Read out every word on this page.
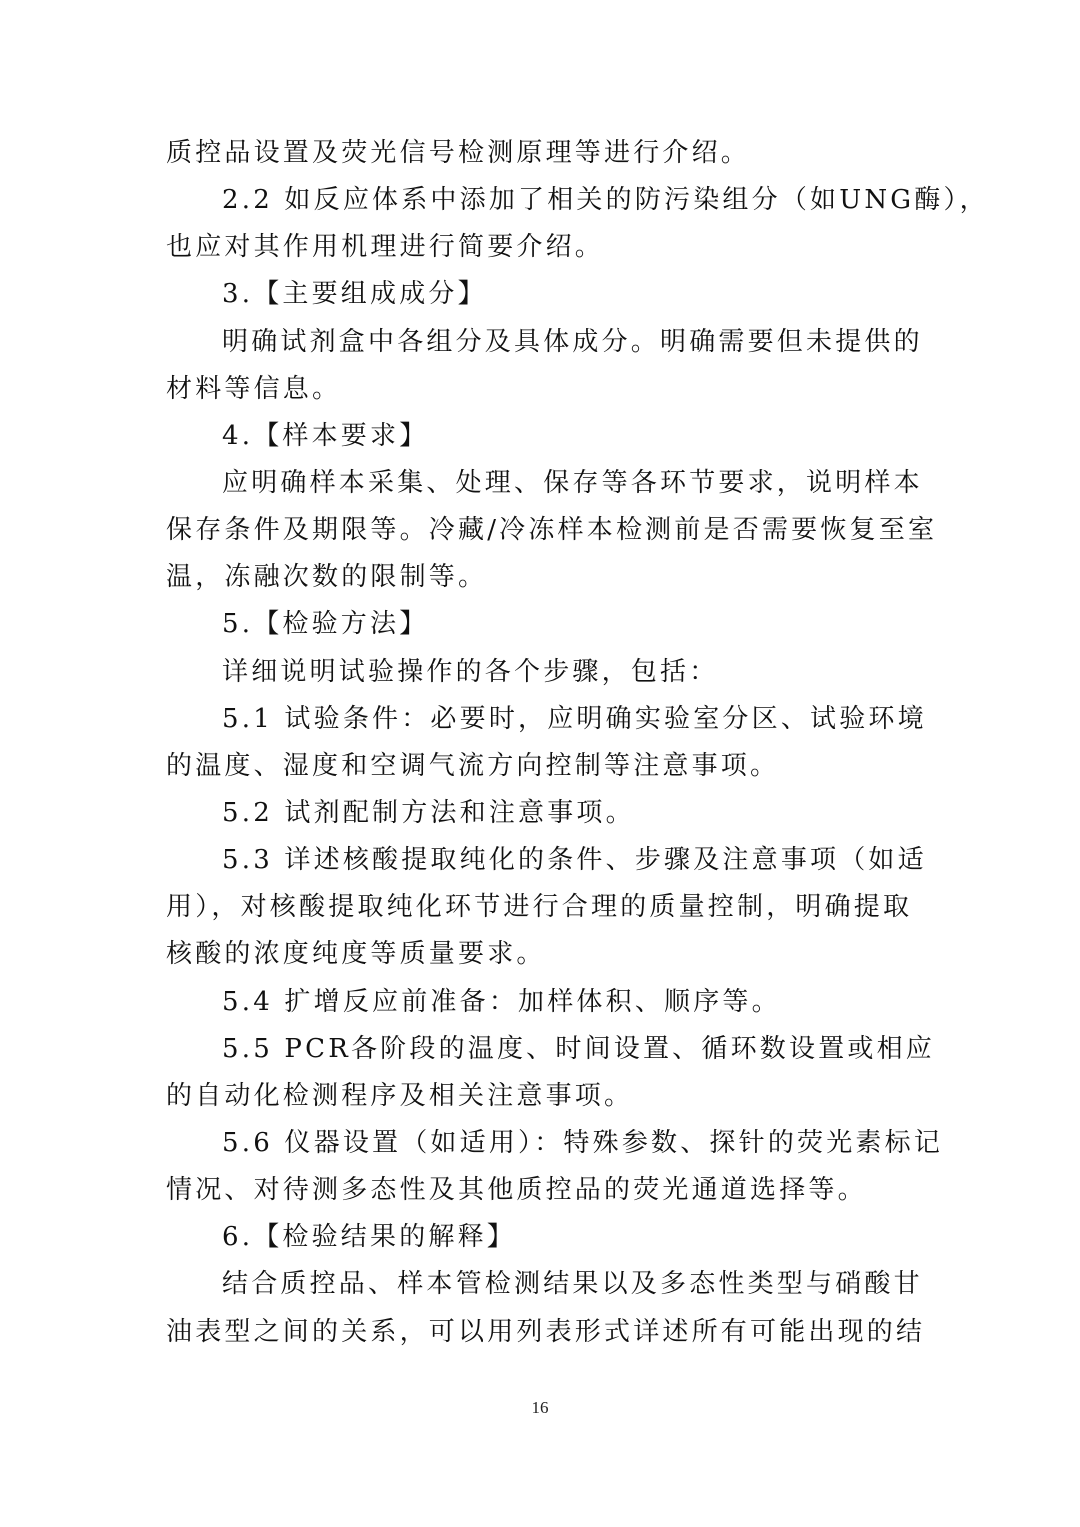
质控品设置及荧光信号检测原理等进行介绍。
2.2 如反应体系中添加了相关的防污染组分（如UNG酶），
也应对其作用机理进行简要介绍。
3.【主要组成成分】
明确试剂盒中各组分及具体成分。明确需要但未提供的
材料等信息。
4.【样本要求】
应明确样本采集、处理、保存等各环节要求，说明样本
保存条件及期限等。冷藏/冷冻样本检测前是否需要恢复至室
温，冻融次数的限制等。
5.【检验方法】
详细说明试验操作的各个步骤，包括：
5.1 试验条件：必要时，应明确实验室分区、试验环境
的温度、湿度和空调气流方向控制等注意事项。
5.2 试剂配制方法和注意事项。
5.3 详述核酸提取纯化的条件、步骤及注意事项（如适
用），对核酸提取纯化环节进行合理的质量控制，明确提取
核酸的浓度纯度等质量要求。
5.4 扩增反应前准备：加样体积、顺序等。
5.5 PCR各阶段的温度、时间设置、循环数设置或相应
的自动化检测程序及相关注意事项。
5.6 仪器设置（如适用）：特殊参数、探针的荧光素标记
情况、对待测多态性及其他质控品的荧光通道选择等。
6.【检验结果的解释】
结合质控品、样本管检测结果以及多态性类型与硝酸甘
油表型之间的关系，可以用列表形式详述所有可能出现的结
16
